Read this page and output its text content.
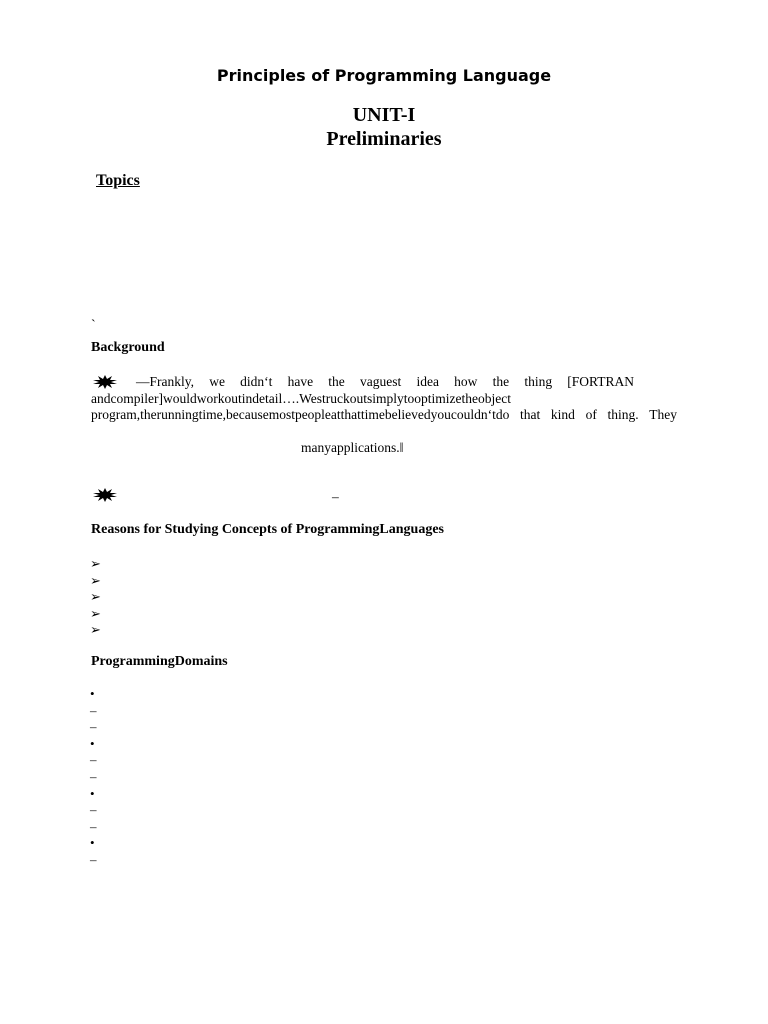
Principles of Programming Language
UNIT-I
Preliminaries
Topics
`
Background
―Frankly, we didn‘t have the vaguest idea how the thing [FORTRAN
andcompiler]wouldworkoutindetail….Westruckoutsimplytooptimizetheobject
program,therunningtime,becausemostpeopleatthattimebelievedyoucouldn‘tdo that kind of thing. They
manyapplications.‖
–
Reasons for Studying Concepts of ProgrammingLanguages
➢
➢
➢
➢
➢
ProgrammingDomains
•
–
–
•
–
–
•
–
–
•
–
